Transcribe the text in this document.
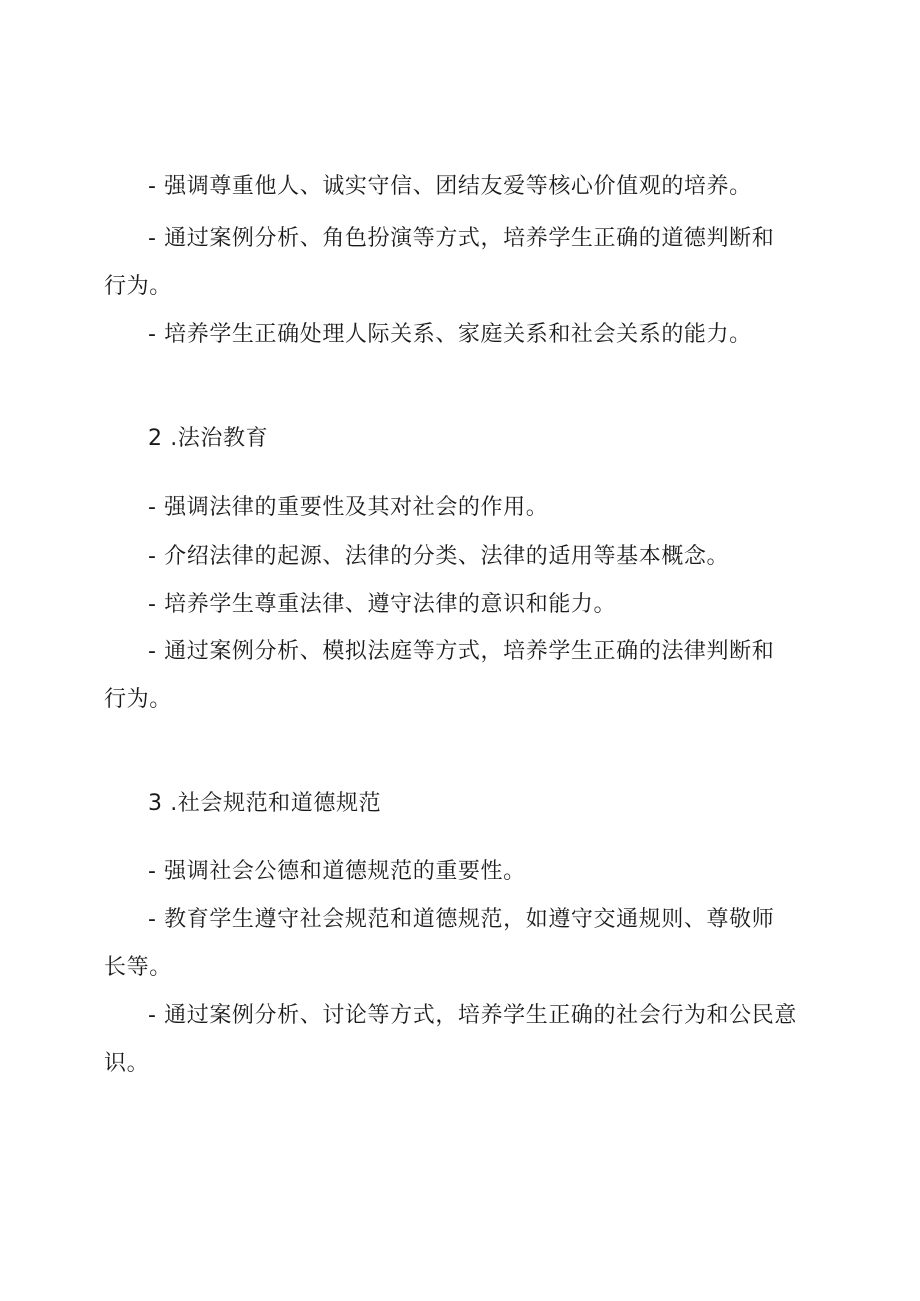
- 强调尊重他人、诚实守信、团结友爱等核心价值观的培养。
- 通过案例分析、角色扮演等方式，培养学生正确的道德判断和
行为。
- 培养学生正确处理人际关系、家庭关系和社会关系的能力。
2 .法治教育
- 强调法律的重要性及其对社会的作用。
- 介绍法律的起源、法律的分类、法律的适用等基本概念。
- 培养学生尊重法律、遵守法律的意识和能力。
- 通过案例分析、模拟法庭等方式，培养学生正确的法律判断和
行为。
3 .社会规范和道德规范
- 强调社会公德和道德规范的重要性。
- 教育学生遵守社会规范和道德规范，如遵守交通规则、尊敬师
长等。
- 通过案例分析、讨论等方式，培养学生正确的社会行为和公民意
识。
